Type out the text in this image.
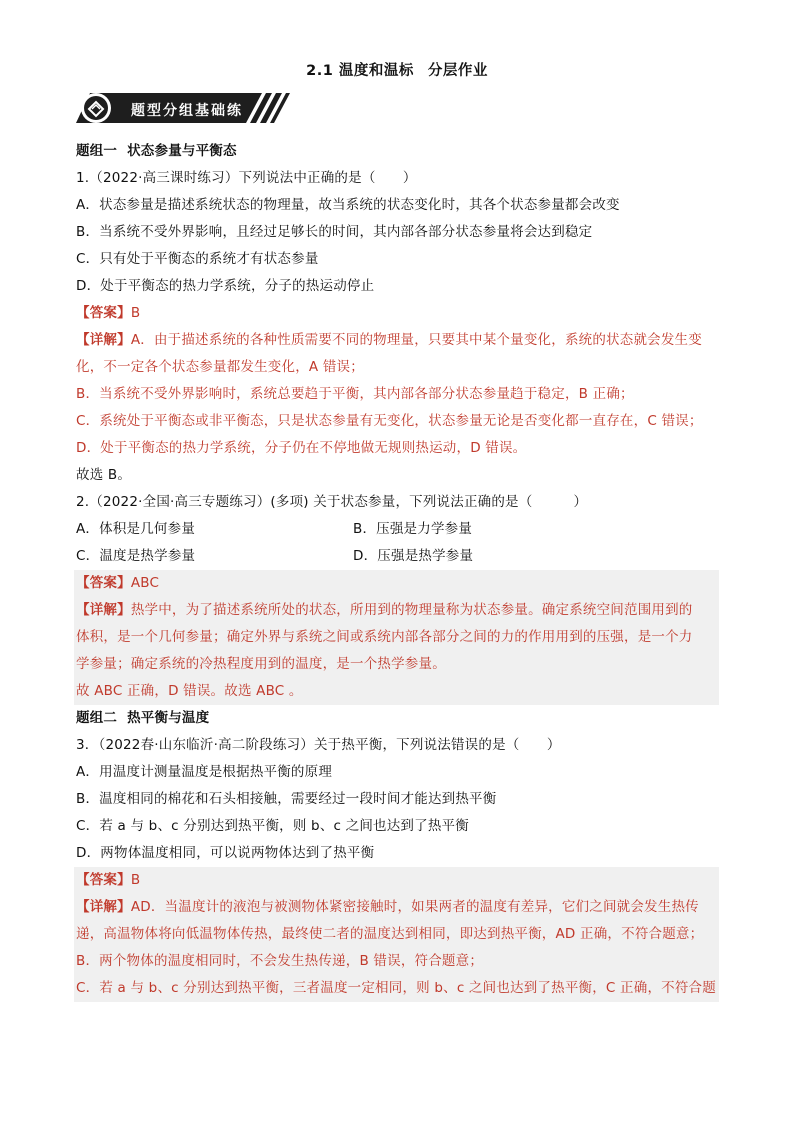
2.1 温度和温标 分层作业
题型分组基础练
题组一 状态参量与平衡态
1.（2022·高三课时练习）下列说法中正确的是（　　）
A．状态参量是描述系统状态的物理量，故当系统的状态变化时，其各个状态参量都会改变
B．当系统不受外界影响，且经过足够长的时间，其内部各部分状态参量将会达到稳定
C．只有处于平衡态的系统才有状态参量
D．处于平衡态的热力学系统，分子的热运动停止
【答案】B
【详解】A．由于描述系统的各种性质需要不同的物理量，只要其中某个量变化，系统的状态就会发生变
化，不一定各个状态参量都发生变化，A 错误；
B．当系统不受外界影响时，系统总要趋于平衡，其内部各部分状态参量趋于稳定，B 正确；
C．系统处于平衡态或非平衡态，只是状态参量有无变化，状态参量无论是否变化都一直存在，C 错误；
D．处于平衡态的热力学系统，分子仍在不停地做无规则热运动，D 错误。
故选 B。
2.（2022·全国·高三专题练习）(多项) 关于状态参量，下列说法正确的是（　　　）
A．体积是几何参量	B．压强是力学参量
C．温度是热学参量	D．压强是热学参量
【答案】ABC
【详解】热学中，为了描述系统所处的状态，所用到的物理量称为状态参量。确定系统空间范围用到的
体积，是一个几何参量；确定外界与系统之间或系统内部各部分之间的力的作用用到的压强，是一个力
学参量；确定系统的冷热程度用到的温度，是一个热学参量。
故 ABC 正确，D 错误。故选 ABC 。
题组二 热平衡与温度
3．（2022春·山东临沂·高二阶段练习）关于热平衡，下列说法错误的是（　　）
A．用温度计测量温度是根据热平衡的原理
B．温度相同的棉花和石头相接触，需要经过一段时间才能达到热平衡
C．若 a 与 b、c 分别达到热平衡，则 b、c 之间也达到了热平衡
D．两物体温度相同，可以说两物体达到了热平衡
【答案】B
【详解】AD．当温度计的液泡与被测物体紧密接触时，如果两者的温度有差异，它们之间就会发生热传
递，高温物体将向低温物体传热，最终使二者的温度达到相同，即达到热平衡，AD 正确，不符合题意；
B．两个物体的温度相同时，不会发生热传递，B 错误，符合题意；
C．若 a 与 b、c 分别达到热平衡，三者温度一定相同，则 b、c 之间也达到了热平衡，C 正确，不符合题
